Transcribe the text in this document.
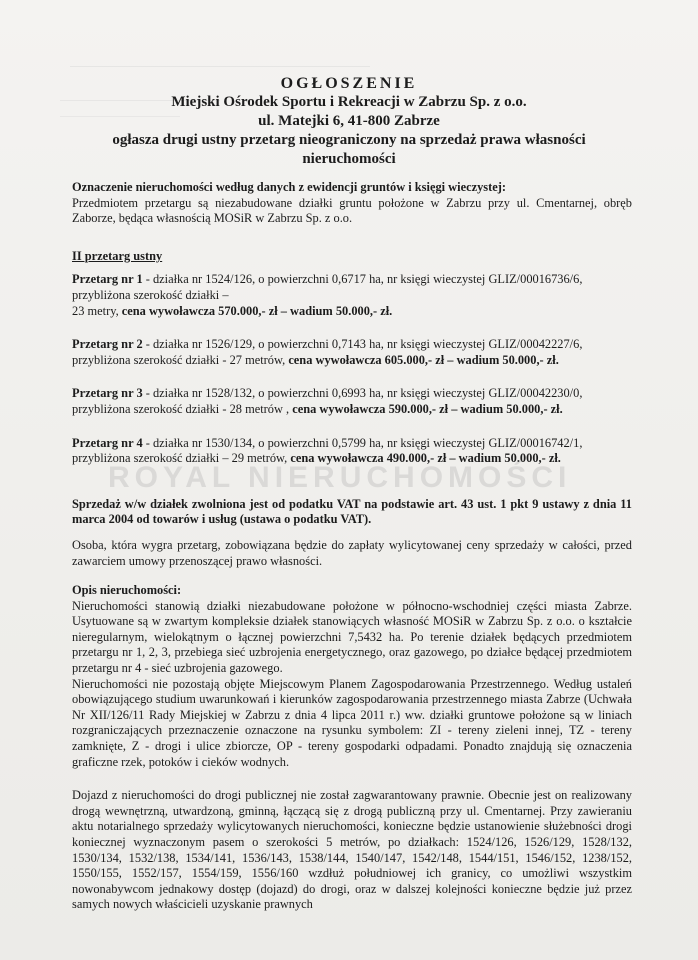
OGŁOSZENIE
Miejski Ośrodek Sportu i Rekreacji w Zabrzu Sp. z o.o.
ul. Matejki 6, 41-800 Zabrze
ogłasza drugi ustny przetarg nieograniczony na sprzedaż prawa własności
nieruchomości

Oznaczenie nieruchomości według danych z ewidencji gruntów i księgi wieczystej:

Przedmiotem przetargu są niezabudowane działki gruntu położone w Zabrzu przy ul. Cmentarnej, obręb Zaborze, będąca własnością MOSiR w Zabrzu Sp. z o.o.

II przetarg ustny

Przetarg nr 1 - działka nr 1524/126, o powierzchni 0,6717 ha, nr księgi wieczystej GLIZ/00016736/6, przybliżona szerokość działki –
23 metry, cena wywoławcza 570.000,- zł – wadium 50.000,- zł.

Przetarg nr 2 - działka nr 1526/129, o powierzchni 0,7143 ha, nr księgi wieczystej GLIZ/00042227/6, przybliżona szerokość działki - 27 metrów, cena wywoławcza 605.000,- zł – wadium 50.000,- zł.

Przetarg nr 3 - działka nr 1528/132, o powierzchni 0,6993 ha, nr księgi wieczystej GLIZ/00042230/0, przybliżona szerokość działki - 28 metrów , cena wywoławcza 590.000,- zł – wadium 50.000,- zł.

Przetarg nr 4 - działka nr 1530/134, o powierzchni 0,5799 ha, nr księgi wieczystej GLIZ/00016742/1, przybliżona szerokość działki – 29 metrów, cena wywoławcza 490.000,- zł – wadium 50.000,- zł.

Sprzedaż w/w działek zwolniona jest od podatku VAT na podstawie art. 43 ust. 1 pkt 9 ustawy z dnia 11 marca 2004 od towarów i usług (ustawa o podatku VAT).

Osoba, która wygra przetarg, zobowiązana będzie do zapłaty wylicytowanej ceny sprzedaży w całości, przed zawarciem umowy przenoszącej prawo własności.

Opis nieruchomości:

Nieruchomości stanowią działki niezabudowane położone w północno-wschodniej części miasta Zabrze. Usytuowane są w zwartym kompleksie działek stanowiących własność MOSiR w Zabrzu Sp. z o.o. o kształcie nieregularnym, wielokątnym o łącznej powierzchni 7,5432 ha. Po terenie działek będących przedmiotem przetargu nr 1, 2, 3, przebiega sieć uzbrojenia energetycznego, oraz gazowego, po działce będącej przedmiotem przetargu nr 4 - sieć uzbrojenia gazowego.

Nieruchomości nie pozostają objęte Miejscowym Planem Zagospodarowania Przestrzennego. Według ustaleń obowiązującego studium uwarunkowań i kierunków zagospodarowania przestrzennego miasta Zabrze (Uchwała Nr XII/126/11 Rady Miejskiej w Zabrzu z dnia 4 lipca 2011 r.) ww. działki gruntowe położone są w liniach rozgraniczających przeznaczenie oznaczone na rysunku symbolem: ZI - tereny zieleni innej, TZ - tereny zamknięte, Z - drogi i ulice zbiorcze, OP - tereny gospodarki odpadami. Ponadto znajdują się oznaczenia graficzne rzek, potoków i cieków wodnych.

Dojazd z nieruchomości do drogi publicznej nie został zagwarantowany prawnie. Obecnie jest on realizowany drogą wewnętrzną, utwardzoną, gminną, łączącą się z drogą publiczną przy ul. Cmentarnej. Przy zawieraniu aktu notarialnego sprzedaży wylicytowanych nieruchomości, konieczne będzie ustanowienie służebności drogi koniecznej wyznaczonym pasem o szerokości 5 metrów, po działkach: 1524/126, 1526/129, 1528/132, 1530/134, 1532/138, 1534/141, 1536/143, 1538/144, 1540/147, 1542/148, 1544/151, 1546/152, 1238/152, 1550/155, 1552/157, 1554/159, 1556/160 wzdłuż południowej ich granicy, co umożliwi wszystkim nowonabywcom jednakowy dostęp (dojazd) do drogi, oraz w dalszej kolejności konieczne będzie już przez samych nowych właścicieli uzyskanie prawnych

ROYAL NIERUCHOMOŚCI
